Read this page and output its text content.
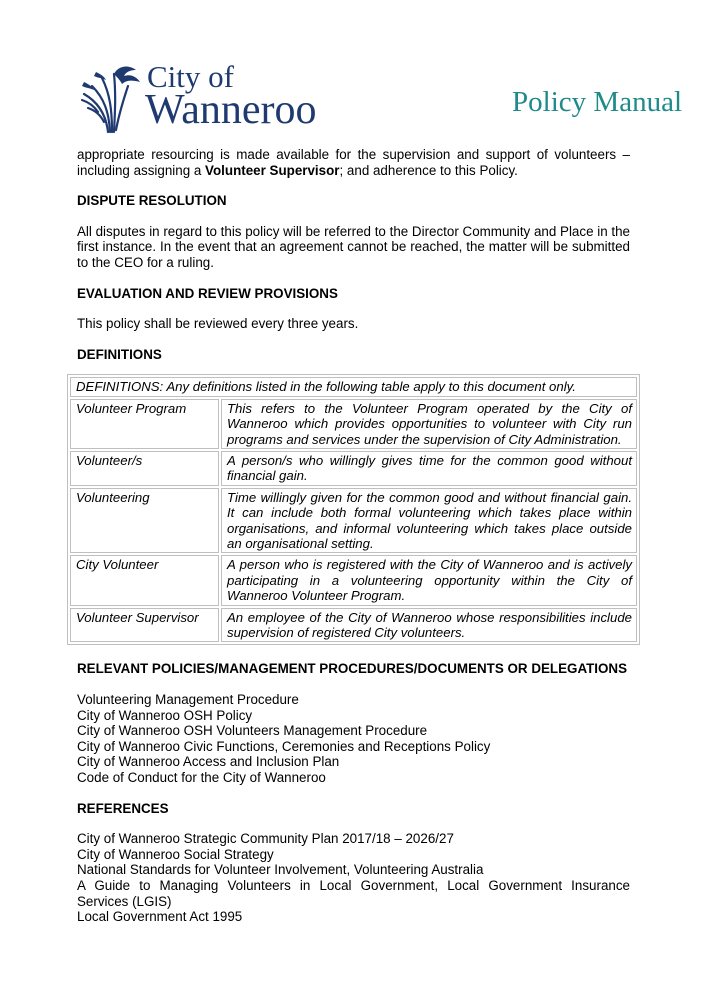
City of
Wanneroo	Policy Manual

appropriate resourcing is made available for the supervision and support of volunteers – including assigning a Volunteer Supervisor; and adherence to this Policy.

DISPUTE RESOLUTION

All disputes in regard to this policy will be referred to the Director Community and Place in the first instance. In the event that an agreement cannot be reached, the matter will be submitted to the CEO for a ruling.

EVALUATION AND REVIEW PROVISIONS

This policy shall be reviewed every three years.

DEFINITIONS

DEFINITIONS: Any definitions listed in the following table apply to this document only.
Volunteer Program	This refers to the Volunteer Program operated by the City of Wanneroo which provides opportunities to volunteer with City run programs and services under the supervision of City Administration.
Volunteer/s	A person/s who willingly gives time for the common good without financial gain.
Volunteering	Time willingly given for the common good and without financial gain. It can include both formal volunteering which takes place within organisations, and informal volunteering which takes place outside an organisational setting.
City Volunteer	A person who is registered with the City of Wanneroo and is actively participating in a volunteering opportunity within the City of Wanneroo Volunteer Program.
Volunteer Supervisor	An employee of the City of Wanneroo whose responsibilities include supervision of registered City volunteers.

RELEVANT POLICIES/MANAGEMENT PROCEDURES/DOCUMENTS OR DELEGATIONS

Volunteering Management Procedure

City of Wanneroo OSH Policy

City of Wanneroo OSH Volunteers Management Procedure

City of Wanneroo Civic Functions, Ceremonies and Receptions Policy

City of Wanneroo Access and Inclusion Plan

Code of Conduct for the City of Wanneroo

REFERENCES

City of Wanneroo Strategic Community Plan 2017/18 – 2026/27

City of Wanneroo Social Strategy

National Standards for Volunteer Involvement, Volunteering Australia

A Guide to Managing Volunteers in Local Government, Local Government Insurance Services (LGIS)

Local Government Act 1995
